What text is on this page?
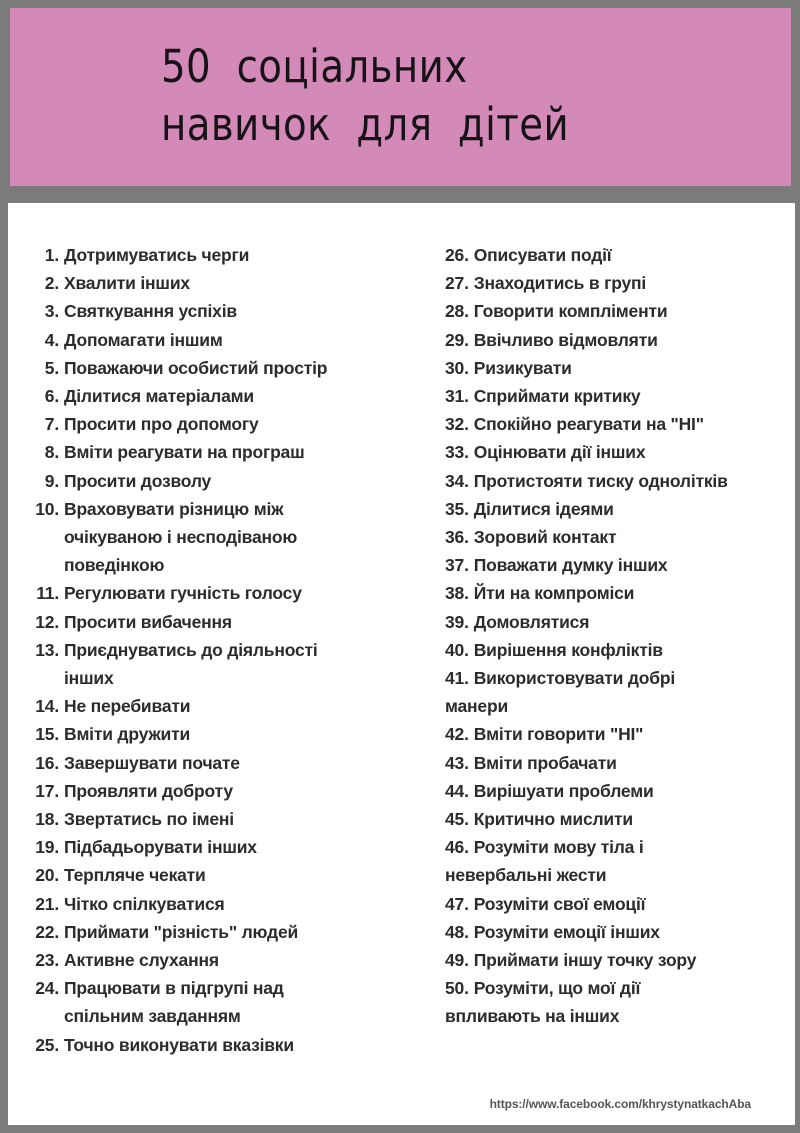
50  соціальних
навичок  для  дітей
1. Дотримуватись черги
2. Хвалити інших
3. Святкування успіхів
4. Допомагати іншим
5. Поважаючи особистий простір
6. Ділитися матеріалами
7. Просити про допомогу
8. Вміти реагувати на програш
9. Просити дозволу
10. Враховувати різницю між
очікуваною і несподіваною
поведінкою
11. Регулювати гучність голосу
12. Просити вибачення
13. Приєднуватись до діяльності
інших
14. Не перебивати
15. Вміти дружити
16. Завершувати почате
17. Проявляти доброту
18. Звертатись по імені
19. Підбадьорувати інших
20. Терпляче чекати
21. Чітко спілкуватися
22. Приймати "різність" людей
23. Активне слухання
24. Працювати в підгрупі над
спільним завданням
25. Точно виконувати вказівки
26. Описувати події
27. Знаходитись в групі
28. Говорити компліменти
29. Ввічливо відмовляти
30. Ризикувати
31. Сприймати критику
32. Спокійно реагувати на "НІ"
33. Оцінювати дії інших
34. Протистояти тиску однолітків
35. Ділитися ідеями
36. Зоровий контакт
37. Поважати думку інших
38. Йти на компроміси
39. Домовлятися
40. Вирішення конфліктів
41. Використовувати добрі
манери
42. Вміти говорити "НІ"
43. Вміти пробачати
44. Вирішуати проблеми
45. Критично мислити
46. Розуміти мову тіла і
невербальні жести
47. Розуміти свої емоції
48. Розуміти емоції інших
49. Приймати іншу точку зору
50. Розуміти, що мої дії
впливають на інших
https://www.facebook.com/khrystynatkachAba
